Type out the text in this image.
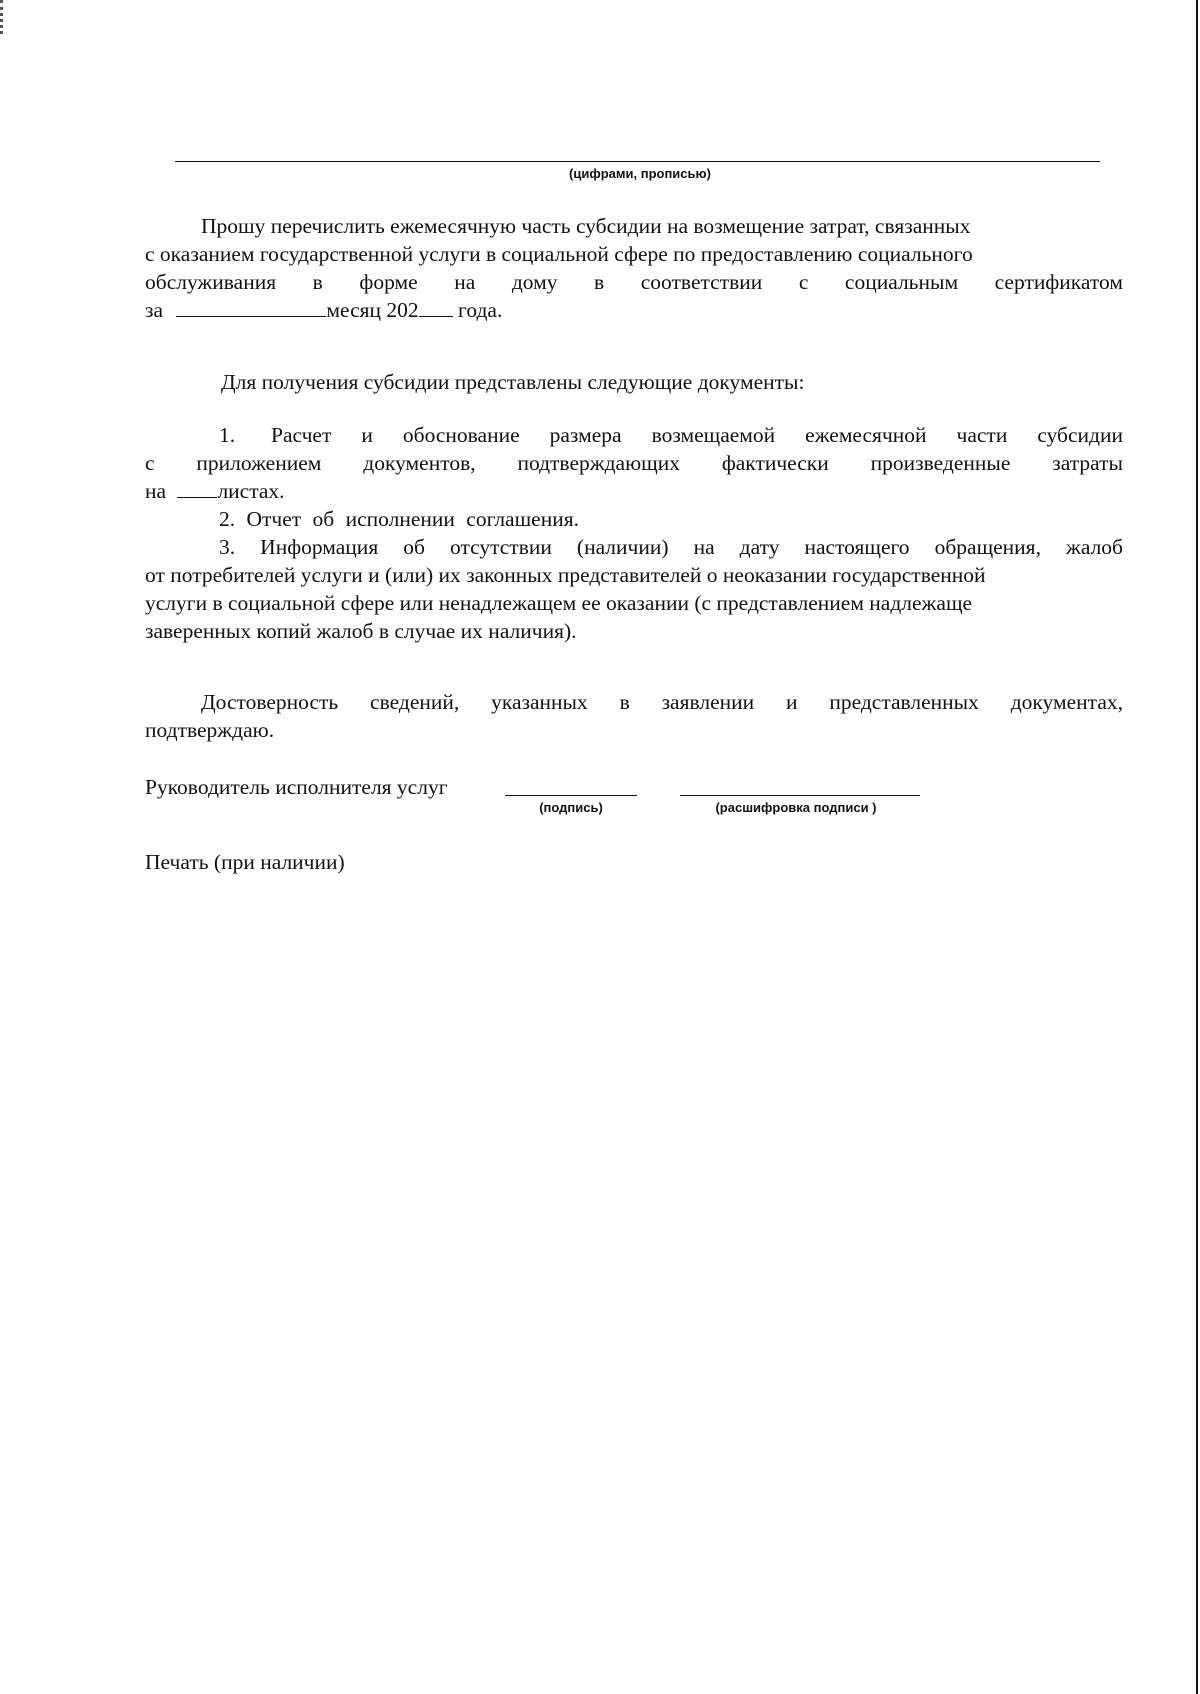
(цифрами, прописью)
Прошу перечислить ежемесячную часть субсидии на возмещение затрат, связанных
с оказанием государственной услуги в социальной сфере по предоставлению социального
обслуживания в форме на дому в соответствии с социальным сертификатом
за	месяц 202 года.
Для получения субсидии представлены следующие документы:
1.	Расчет и обоснование размера возмещаемой ежемесячной части субсидии
с приложением документов, подтверждающих фактически произведенные затраты
на листах.
2. Отчет об исполнении соглашения.
3. Информация об отсутствии (наличии) на дату настоящего обращения, жалоб
от потребителей услуги и (или) их законных представителей о неоказании государственной
услуги в социальной сфере или ненадлежащем ее оказании (с представлением надлежаще
заверенных копий жалоб в случае их наличия).
Достоверность сведений, указанных в заявлении и представленных документах,
подтверждаю.
Руководитель исполнителя услуг
(подпись)	(расшифровка подписи )
Печать (при наличии)
